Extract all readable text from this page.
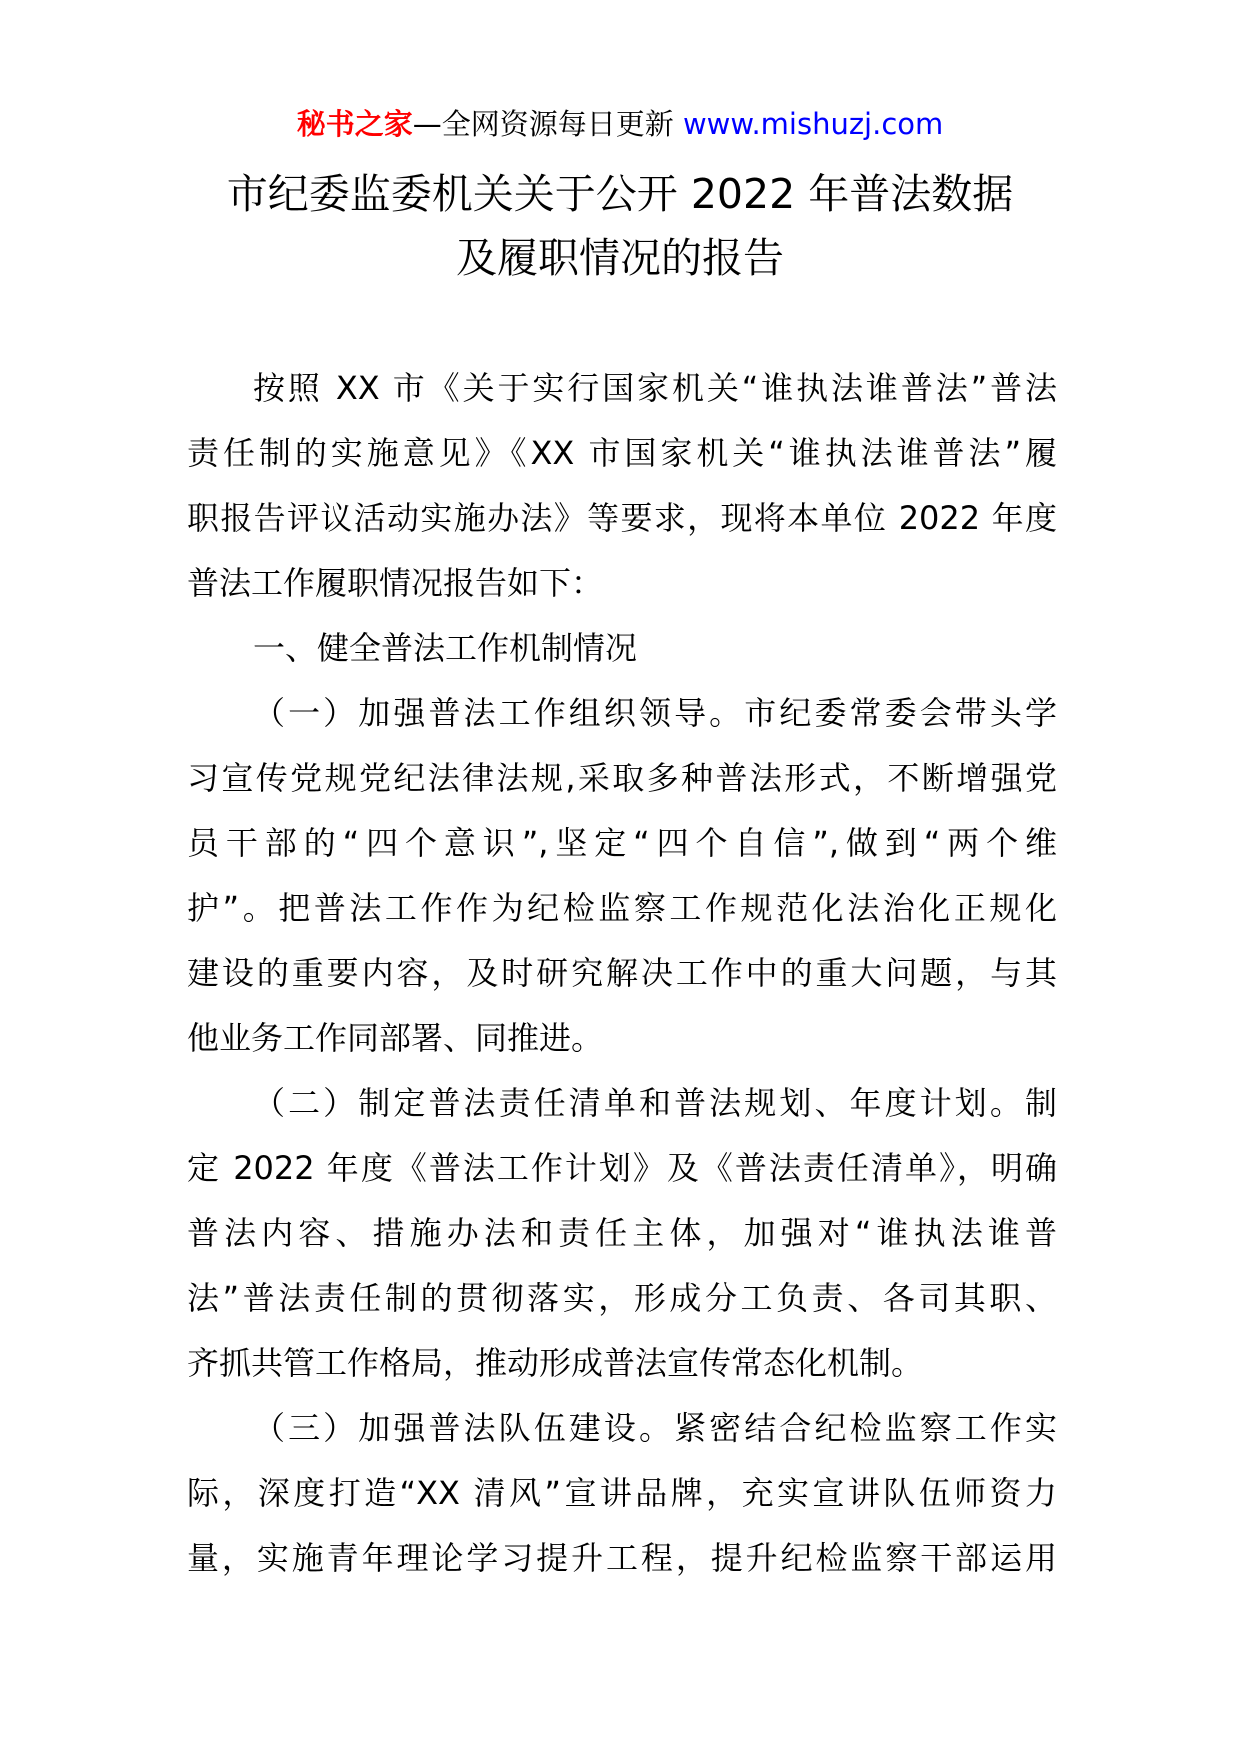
秘书之家—全网资源每日更新 www.mishuzj.com
市纪委监委机关关于公开 2022 年普法数据
及履职情况的报告
按照 XX 市《关于实行国家机关“谁执法谁普法”普法
责任制的实施意见》《XX 市国家机关“谁执法谁普法”履
职报告评议活动实施办法》等要求，现将本单位 2022 年度
普法工作履职情况报告如下：
一、健全普法工作机制情况
（一）加强普法工作组织领导。市纪委常委会带头学
习宣传党规党纪法律法规,采取多种普法形式，不断增强党
员干部的“四个意识”,坚定“四个自信”,做到“两个维
护”。把普法工作作为纪检监察工作规范化法治化正规化
建设的重要内容，及时研究解决工作中的重大问题，与其
他业务工作同部署、同推进。
（二）制定普法责任清单和普法规划、年度计划。制
定 2022 年度《普法工作计划》及《普法责任清单》，明确
普法内容、措施办法和责任主体，加强对“谁执法谁普
法”普法责任制的贯彻落实，形成分工负责、各司其职、
齐抓共管工作格局，推动形成普法宣传常态化机制。
（三）加强普法队伍建设。紧密结合纪检监察工作实
际，深度打造“XX 清风”宣讲品牌，充实宣讲队伍师资力
量，实施青年理论学习提升工程，提升纪检监察干部运用
